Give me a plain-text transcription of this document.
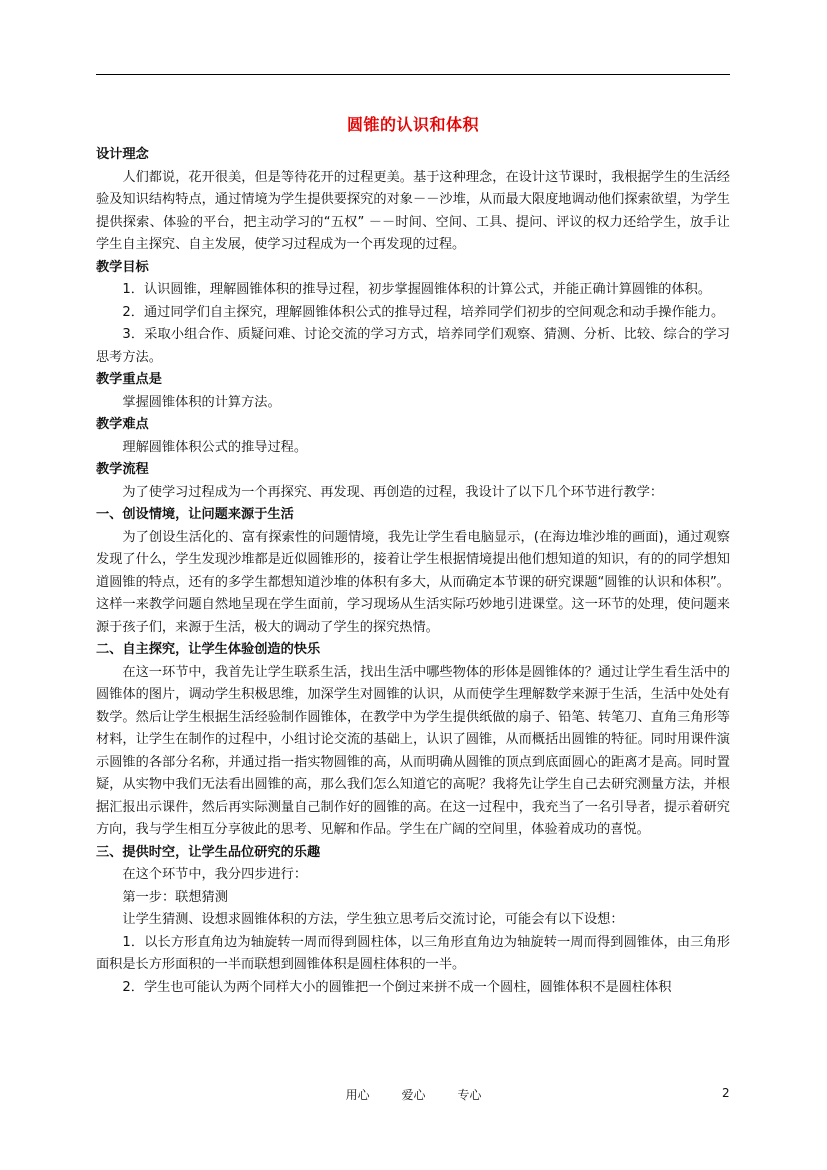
圆锥的认识和体积

设计理念

人们都说，花开很美，但是等待花开的过程更美。基于这种理念，在设计这节课时，我根据学生的生活经验及知识结构特点，通过情境为学生提供要探究的对象－－沙堆，从而最大限度地调动他们探索欲望，为学生提供探索、体验的平台，把主动学习的“五权” －－时间、空间、工具、提问、评议的权力还给学生，放手让学生自主探究、自主发展，使学习过程成为一个再发现的过程。

教学目标

1．认识圆锥，理解圆锥体积的推导过程，初步掌握圆锥体积的计算公式，并能正确计算圆锥的体积。

2．通过同学们自主探究，理解圆锥体积公式的推导过程，培养同学们初步的空间观念和动手操作能力。

3．采取小组合作、质疑问难、讨论交流的学习方式，培养同学们观察、猜测、分析、比较、综合的学习思考方法。

教学重点是

掌握圆锥体积的计算方法。

教学难点

理解圆锥体积公式的推导过程。

教学流程

为了使学习过程成为一个再探究、再发现、再创造的过程，我设计了以下几个环节进行教学：

一、创设情境，让问题来源于生活

为了创设生活化的、富有探索性的问题情境，我先让学生看电脑显示，(在海边堆沙堆的画面)，通过观察发现了什么，学生发现沙堆都是近似圆锥形的，接着让学生根据情境提出他们想知道的知识，有的的同学想知道圆锥的特点，还有的多学生都想知道沙堆的体积有多大，从而确定本节课的研究课题“圆锥的认识和体积”。这样一来教学问题自然地呈现在学生面前，学习现场从生活实际巧妙地引进课堂。这一环节的处理，使问题来源于孩子们，来源于生活，极大的调动了学生的探究热情。

二、自主探究，让学生体验创造的快乐

在这一环节中，我首先让学生联系生活，找出生活中哪些物体的形体是圆锥体的？通过让学生看生活中的圆锥体的图片，调动学生积极思维，加深学生对圆锥的认识，从而使学生理解数学来源于生活，生活中处处有数学。然后让学生根据生活经验制作圆锥体，在教学中为学生提供纸做的扇子、铅笔、转笔刀、直角三角形等材料，让学生在制作的过程中，小组讨论交流的基础上，认识了圆锥，从而概括出圆锥的特征。同时用课件演示圆锥的各部分名称，并通过指一指实物圆锥的高，从而明确从圆锥的顶点到底面圆心的距离才是高。同时置疑，从实物中我们无法看出圆锥的高，那么我们怎么知道它的高呢？我将先让学生自己去研究测量方法，并根据汇报出示课件，然后再实际测量自己制作好的圆锥的高。在这一过程中，我充当了一名引导者，提示着研究方向，我与学生相互分享彼此的思考、见解和作品。学生在广阔的空间里，体验着成功的喜悦。

三、提供时空，让学生品位研究的乐趣

在这个环节中，我分四步进行：

第一步：联想猜测

让学生猜测、设想求圆锥体积的方法，学生独立思考后交流讨论，可能会有以下设想：

1．以长方形直角边为轴旋转一周而得到圆柱体，以三角形直角边为轴旋转一周而得到圆锥体，由三角形面积是长方形面积的一半而联想到圆锥体积是圆柱体积的一半。

2．学生也可能认为两个同样大小的圆锥把一个倒过来拼不成一个圆柱，圆锥体积不是圆柱体积

用心	爱心	专心	2
